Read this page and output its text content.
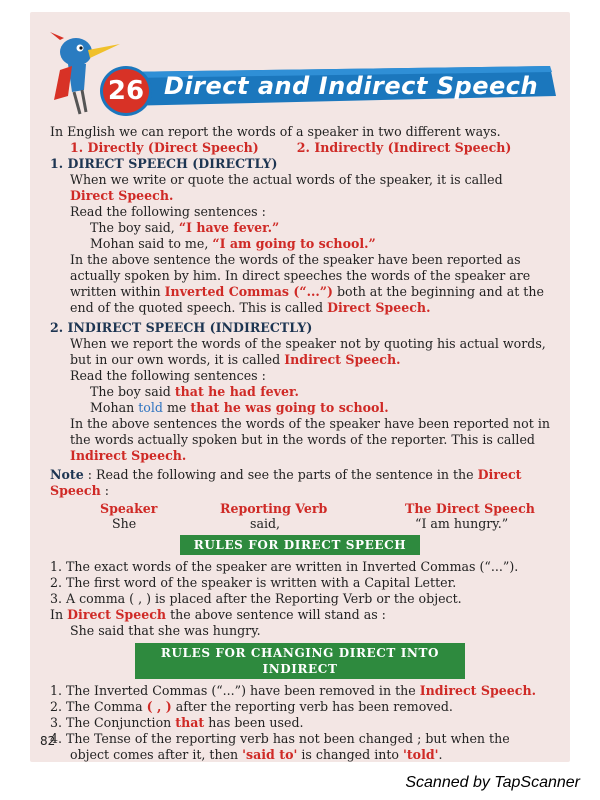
26 Direct and Indirect Speech

In English we can report the words of a speaker in two different ways.

1. Directly (Direct Speech)	2. Indirectly (Indirect Speech)

1. DIRECT SPEECH (DIRECTLY)

When we write or quote the actual words of the speaker, it is called Direct Speech.

Read the following sentences :

The boy said, “I have fever.”

Mohan said to me, “I am going to school.”

In the above sentence the words of the speaker have been reported as actually spoken by him. In direct speeches the words of the speaker are written within Inverted Commas (“...”) both at the beginning and at the end of the quoted speech. This is called Direct Speech.

2. INDIRECT SPEECH (INDIRECTLY)

When we report the words of the speaker not by quoting his actual words, but in our own words, it is called Indirect Speech.

Read the following sentences :

The boy said that he had fever.

Mohan told me that he was going to school.

In the above sentences the words of the speaker have been reported not in the words actually spoken but in the words of the reporter. This is called Indirect Speech.

Note : Read the following and see the parts of the sentence in the Direct Speech :

Speaker
She
Reporting Verb
said,
The Direct Speech
“I am hungry.”
RULES FOR DIRECT SPEECH

1. The exact words of the speaker are written in Inverted Commas (“...”).

2. The first word of the speaker is written with a Capital Letter.

3. A comma ( , ) is placed after the Reporting Verb or the object.

In Direct Speech the above sentence will stand as :

She said that she was hungry.

RULES FOR CHANGING DIRECT INTO INDIRECT

1. The Inverted Commas (“...”) have been removed in the Indirect Speech.

2. The Comma ( , ) after the reporting verb has been removed.

3. The Conjunction that has been used.

4. The Tense of the reporting verb has not been changed ; but when the object comes after it, then 'said to' is changed into 'told'.

82
Scanned by TapScanner
